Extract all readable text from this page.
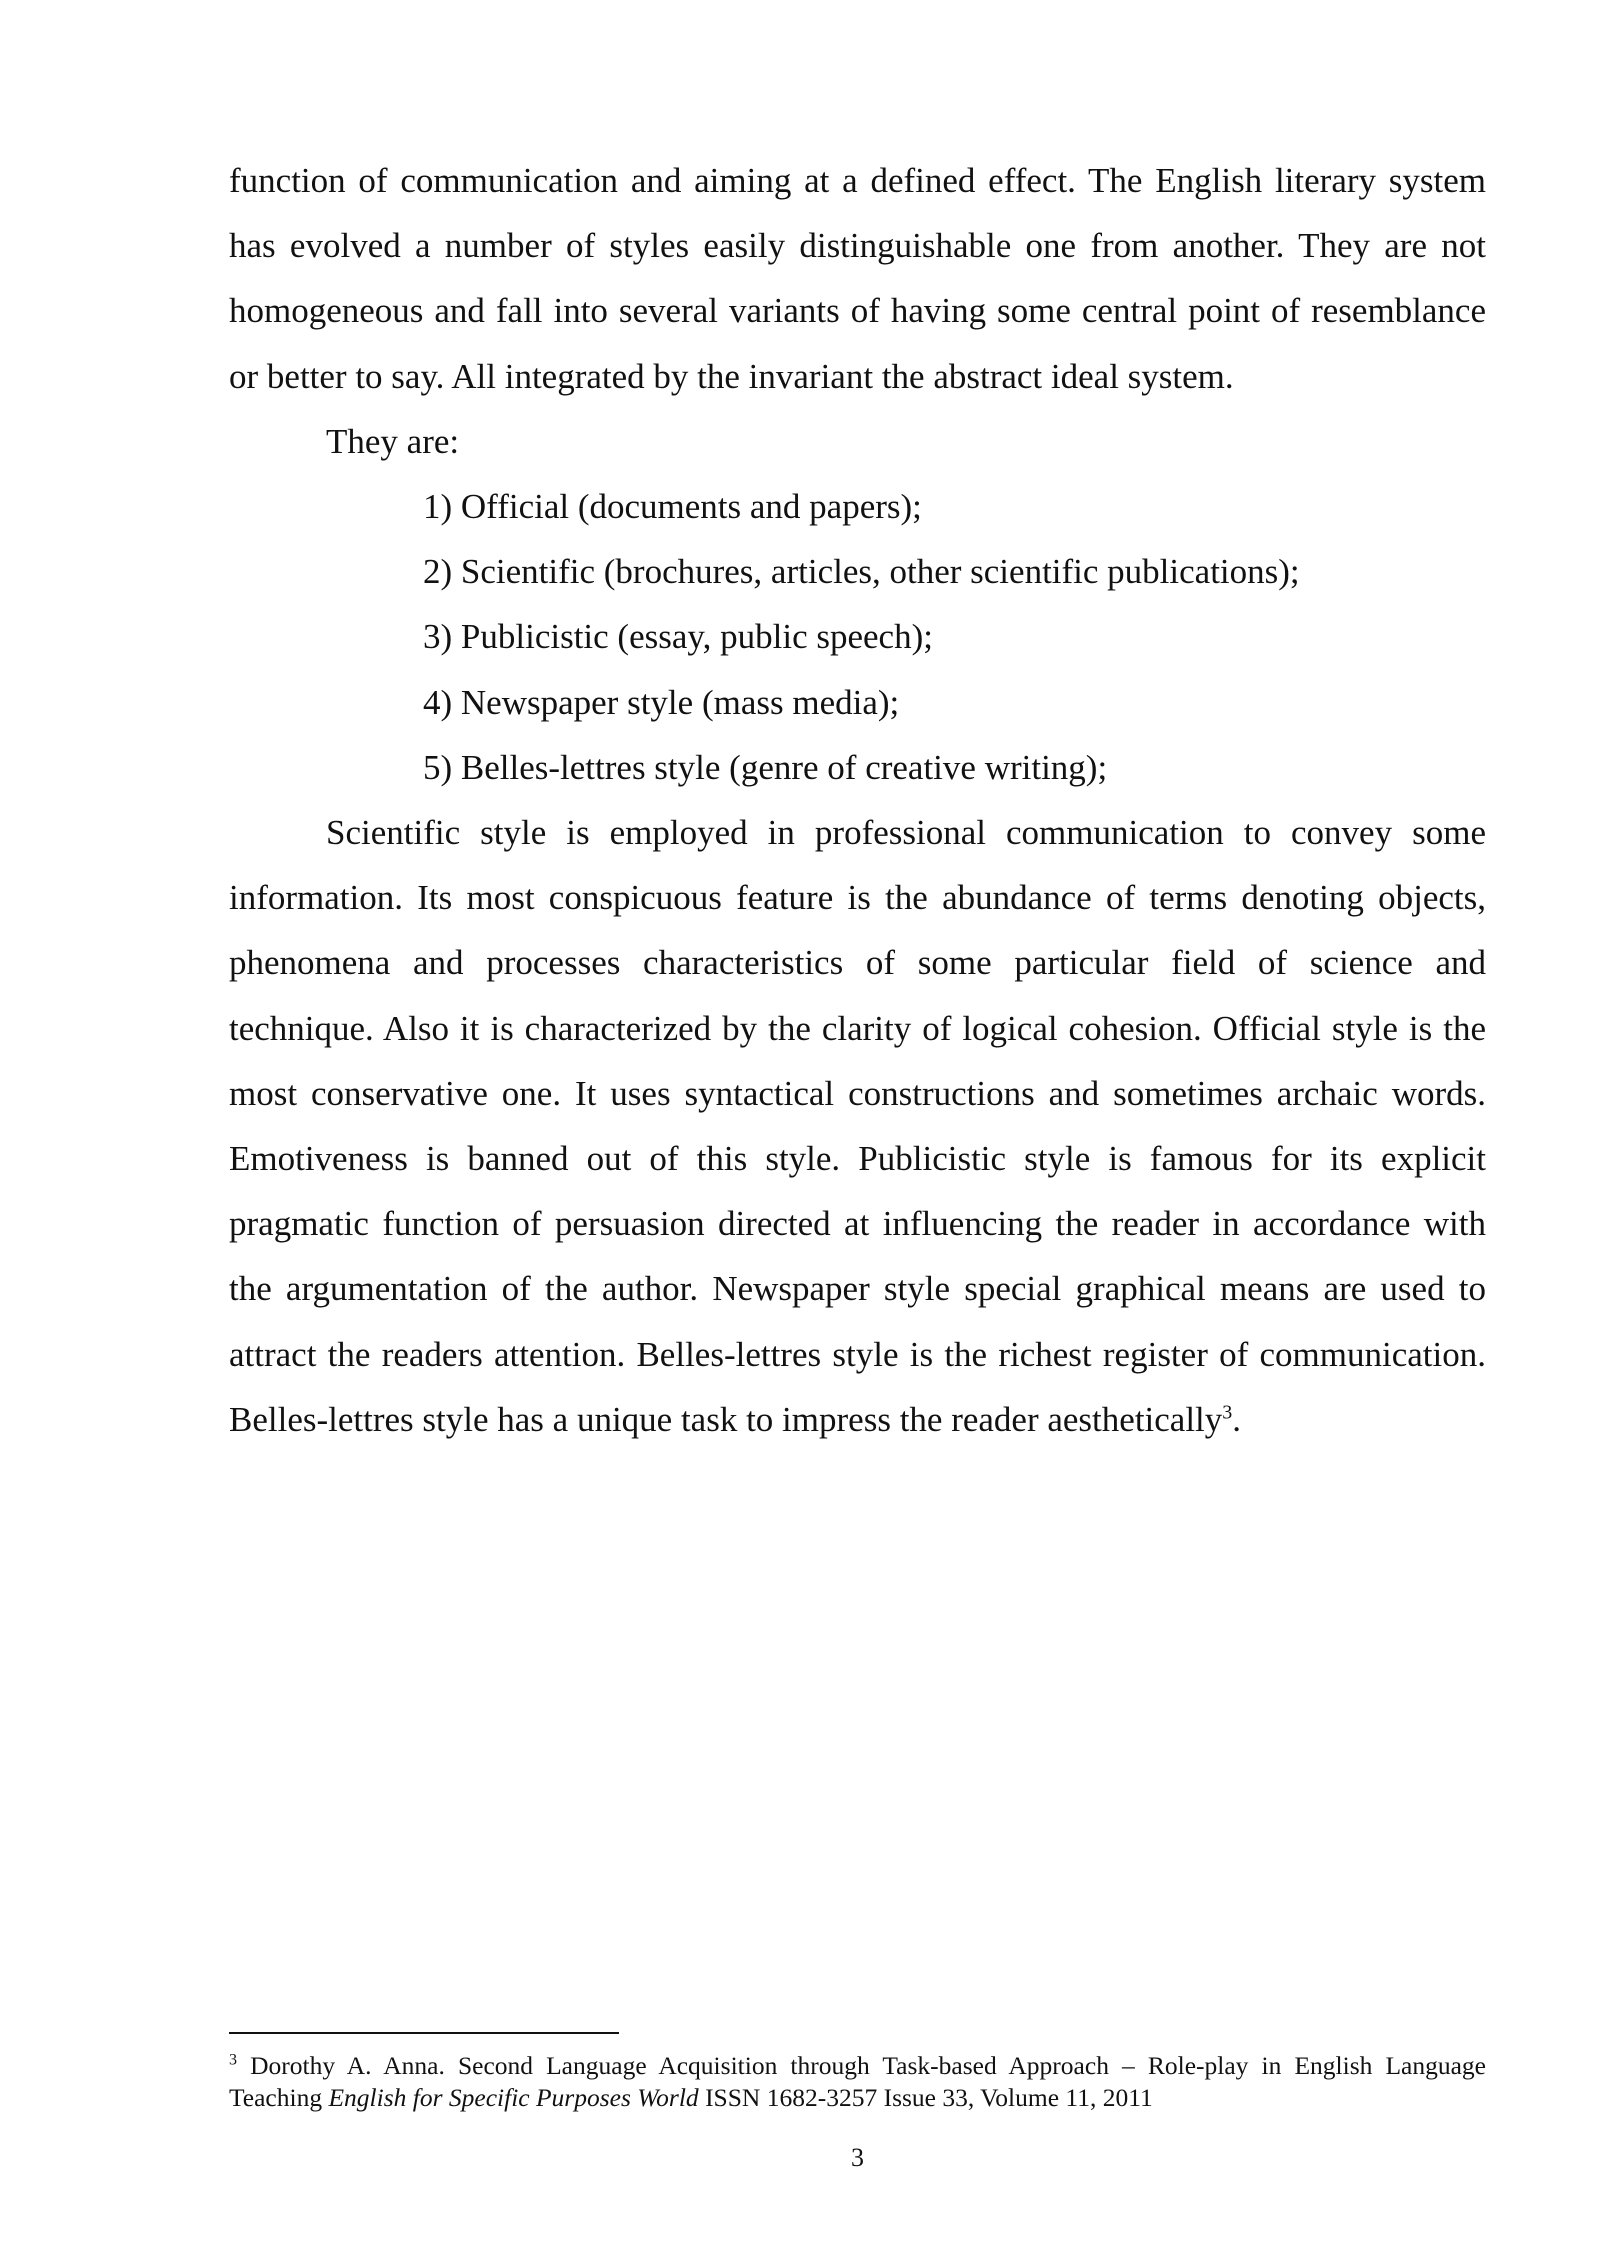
function of communication and aiming at a defined effect. The English literary system has evolved a number of styles easily distinguishable one from another. They are not homogeneous and fall into several variants of having some central point of resemblance or better to say. All integrated by the invariant the abstract ideal system.

They are:

1) Official (documents and papers);

2) Scientific (brochures, articles, other scientific publications);

3) Publicistic (essay, public speech);

4) Newspaper style (mass media);

5) Belles-lettres style (genre of creative writing);

Scientific style is employed in professional communication to convey some information. Its most conspicuous feature is the abundance of terms denoting objects, phenomena and processes characteristics of some particular field of science and technique. Also it is characterized by the clarity of logical cohesion. Official style is the most conservative one. It uses syntactical constructions and sometimes archaic words. Emotiveness is banned out of this style. Publicistic style is famous for its explicit pragmatic function of persuasion directed at influencing the reader in accordance with the argumentation of the author. Newspaper style special graphical means are used to attract the readers attention. Belles-lettres style is the richest register of communication. Belles-lettres style has a unique task to impress the reader aesthetically$^3$.

$^3$ Dorothy A. Anna. Second Language Acquisition through Task-based Approach – Role-play in English Language Teaching English for Specific Purposes World ISSN 1682-3257 Issue 33, Volume 11, 2011
3
